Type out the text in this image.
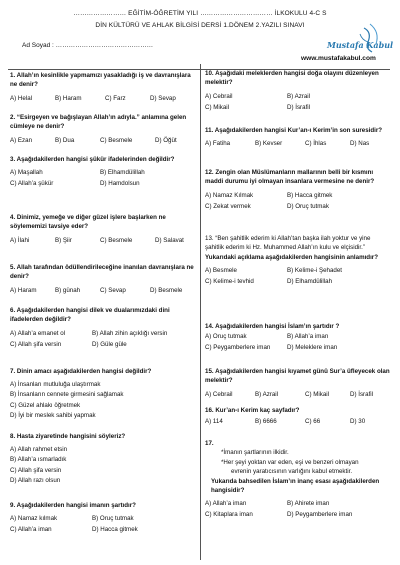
…………………… EĞİTİM-ÖĞRETİM YILI …………………………… İLKOKULU 4-C S
DİN KÜLTÜRÜ VE AHLAK BİLGİSİ DERSİ 1.DÖNEM 2.YAZILI SINAVI
Ad Soyad : ………………………………………	Mustafa Kabul
www.mustafakabul.com
1. Allah’ın kesinlikle yapmamızı yasakladığı iş ve davranışlara ne denir?
A) Helal	B) Haram	C) Farz	D) Sevap
2. “Esirgeyen ve bağışlayan Allah’ın adıyla.” anlamına gelen cümleye ne denir?
A) Ezan	B) Dua	C) Besmele	D) Öğüt
3. Aşağıdakilerden hangisi şükür ifadelerinden değildir?
A) Maşallah	B) Elhamdülillah
C) Allah’a şükür	D) Hamdolsun
4. Dinimiz, yemeğe ve diğer güzel işlere başlarken ne söylememizi tavsiye eder?
A) İlahi	B) Şiir	C) Besmele	D) Salavat
5. Allah tarafından ödüllendirileceğine inanılan davranışlara ne denir?
A) Haram	B) günah	C) Sevap	D) Besmele
6. Aşağıdakilerden hangisi dilek ve dualarımızdaki dini ifadelerden değildir?
A) Allah’a emanet ol	B) Allah zihin açıklığı versin
C) Allah şifa versin	D) Güle güle
7. Dinin amacı aşağıdakilerden hangisi değildir?
A) İnsanları mutluluğa ulaştırmak
B) İnsanların cennete girmesini sağlamak
C) Güzel ahlakı öğretmek
D) İyi bir meslek sahibi yapmak
8. Hasta ziyaretinde hangisini söyleriz?
A) Allah rahmet etsin
B) Allah’a ısmarladık
C) Allah şifa versin
D) Allah razı olsun
9. Aşağıdakilerden hangisi imanın şartıdır?
A) Namaz kılmak	B) Oruç tutmak
C) Allah’a iman	D) Hacca gitmek
10. Aşağıdaki meleklerden hangisi doğa olayını düzenleyen melektir?
A) Cebrail	B) Azrail
C) Mikail	D) İsrafil
11. Aşağıdakilerden hangisi Kur’an-ı Kerim’in son suresidir?
A) Fatiha	B) Kevser	C) İhlas	D) Nas
12. Zengin olan Müslümanların mallarının belli bir kısmını maddi durumu iyi olmayan insanlara vermesine ne denir?
A) Namaz Kılmak	B) Hacca gitmek
C) Zekat vermek	D) Oruç tutmak
13. “Ben şahitlik ederim ki Allah’tan başka ilah yoktur ve yine şahitlik ederim ki Hz. Muhammed Allah’ın kulu ve elçisidir.”
Yukarıdaki açıklama aşağıdakilerden hangisinin anlamıdır?
A) Besmele	B) Kelime-i Şehadet
C) Kelime-i tevhid	D) Elhamdülillah
14. Aşağıdakilerden hangisi İslam’ın şartıdır ?
A) Oruç tutmak	B) Allah’a iman
C) Peygamberlere iman	D) Meleklere iman
15. Aşağıdakilerden hangisi kıyamet günü Sur’a üfleyecek olan melektir?
A) Cebrail	B) Azrail	C) Mikail	D) İsrafil
16. Kur’an-ı Kerim kaç sayfadır?
A) 114	B) 6666	C) 66	D) 30
17.
*İmanın şartlarının ilkidir.
*Her şeyi yoktan var eden, eşi ve benzeri olmayan
evrenin yaratıcısının varlığını kabul etmektir.
Yukarıda bahsedilen İslam’ın inanç esası aşağıdakilerden hangisidir?
A) Allah’a iman	B) Ahirete iman
C) Kitaplara iman	D) Peygamberlere iman
